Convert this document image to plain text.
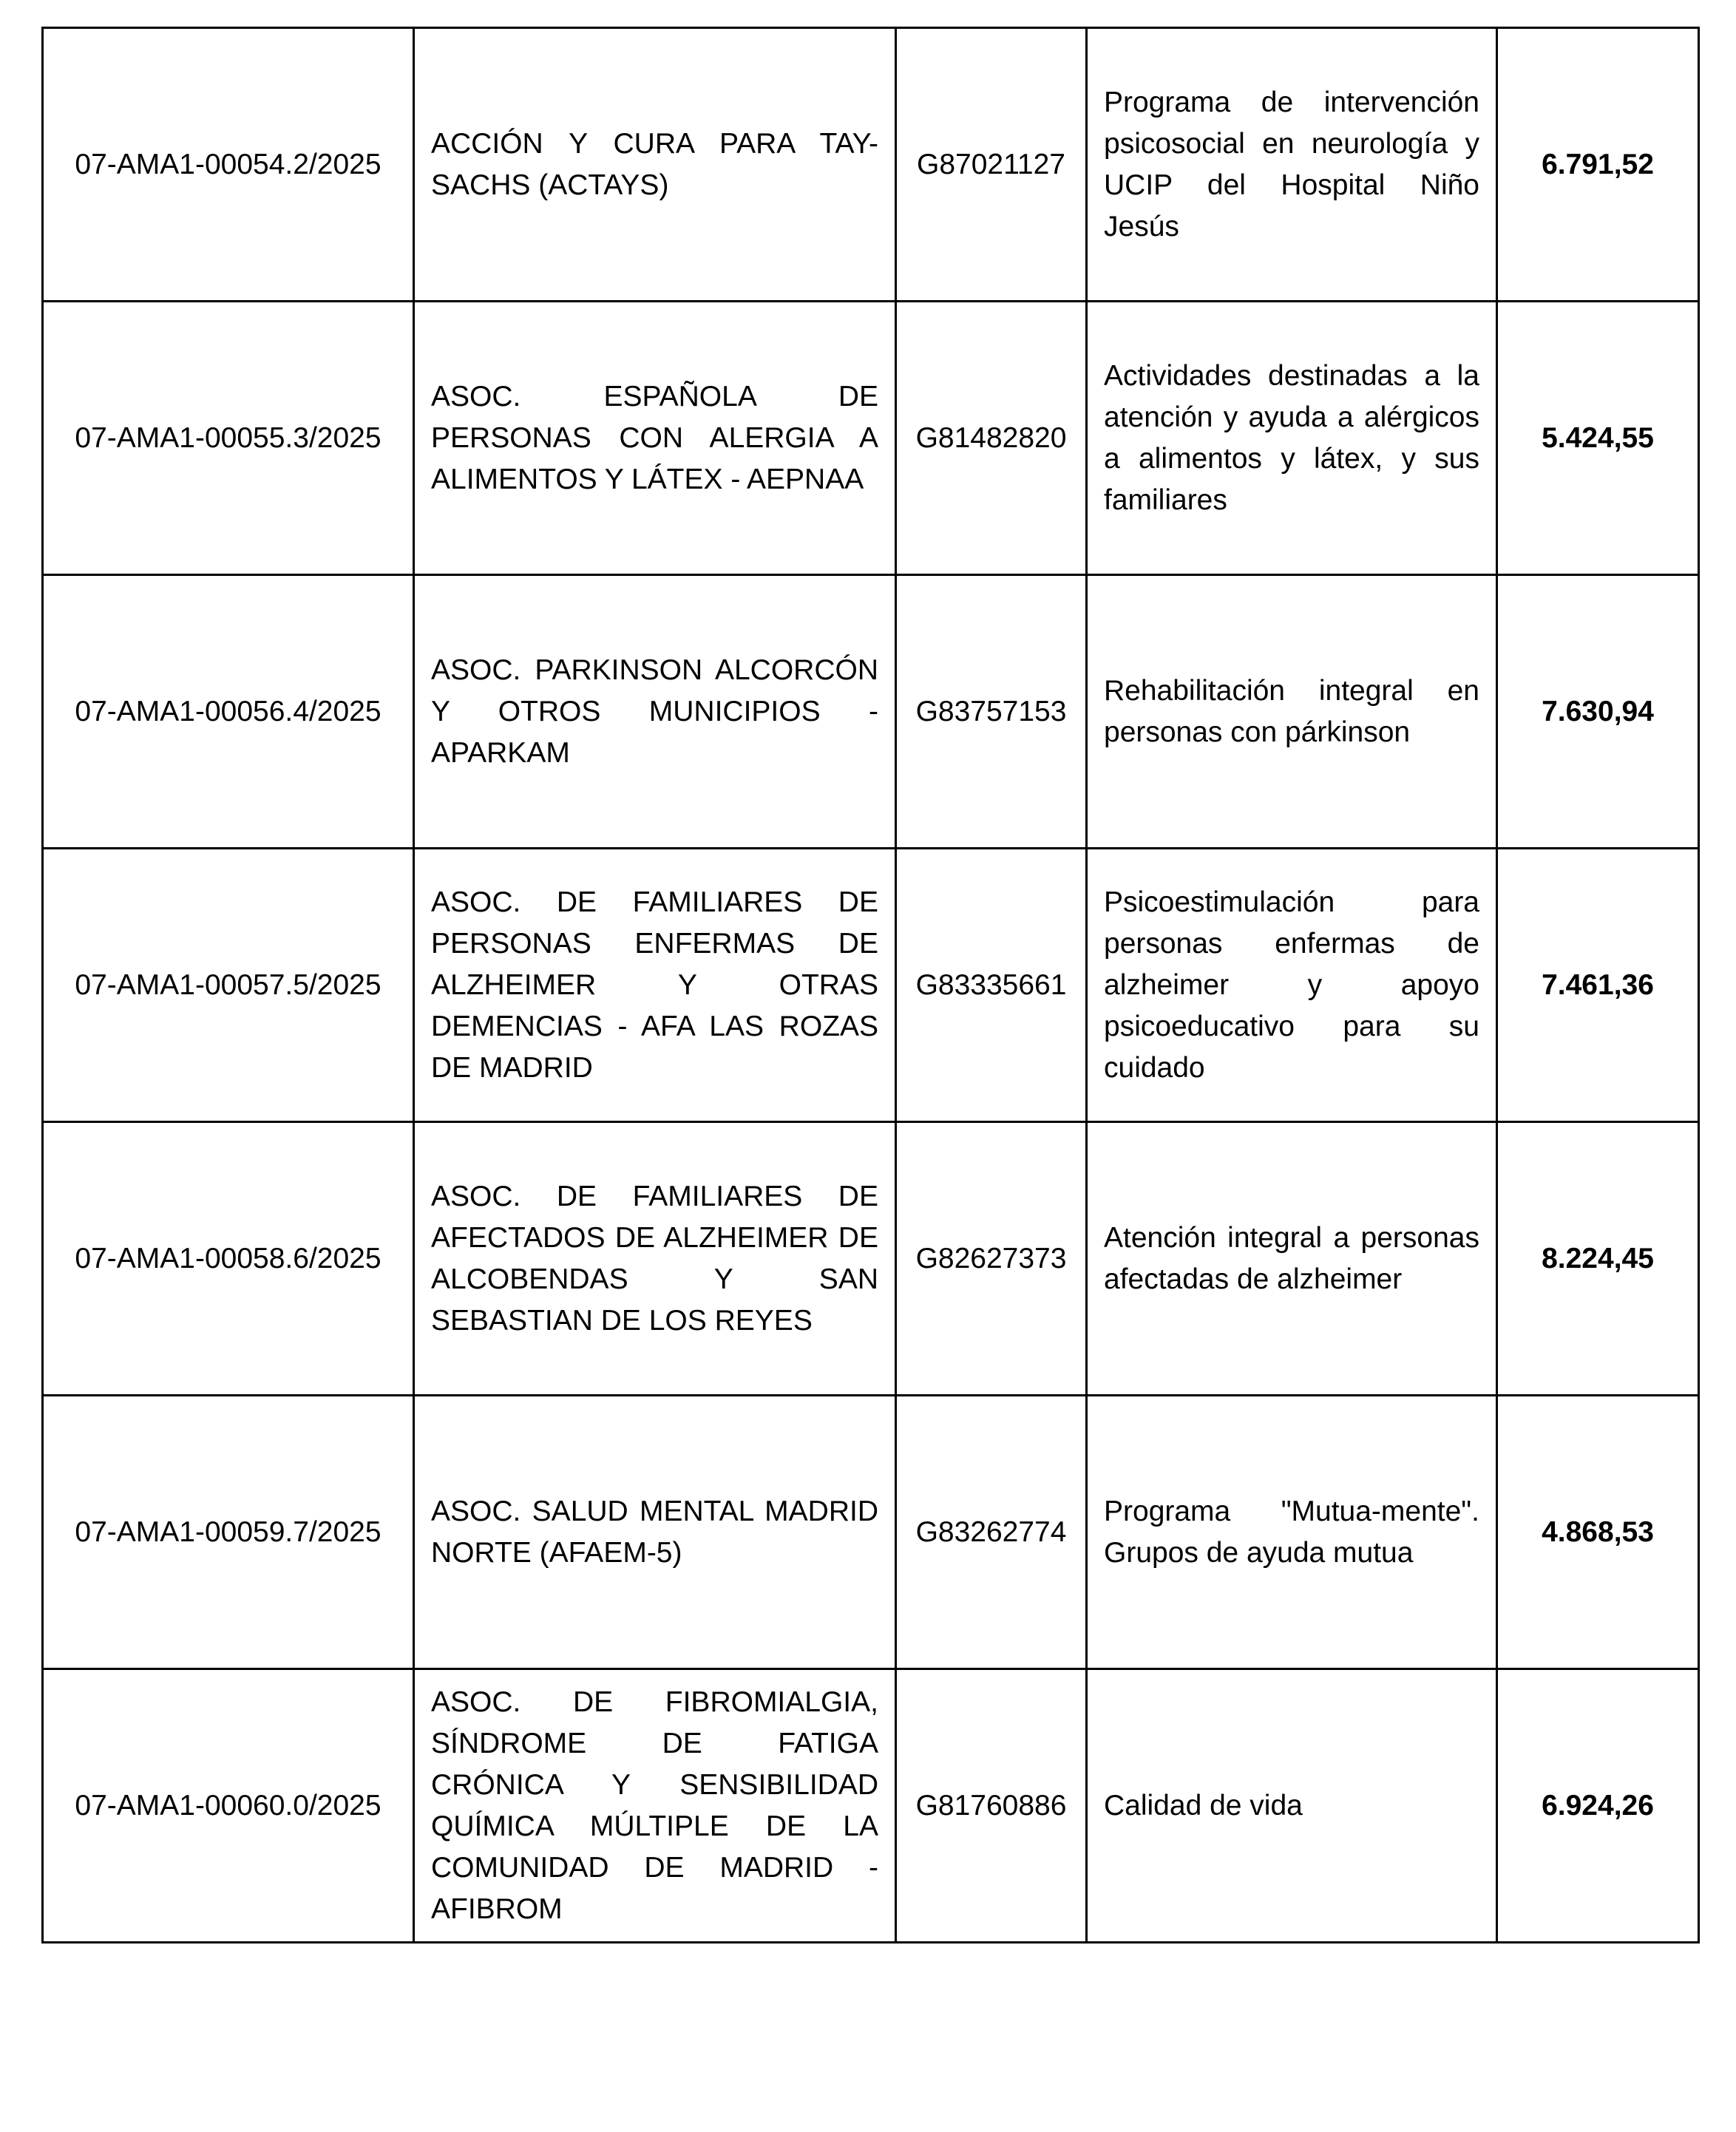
07-AMA1-00054.2/2025	ACCIÓN Y CURA PARA TAY-SACHS (ACTAYS)	G87021127	Programa de intervención psicosocial en neurología y UCIP del Hospital Niño Jesús	6.791,52
07-AMA1-00055.3/2025	ASOC. ESPAÑOLA DE PERSONAS CON ALERGIA A ALIMENTOS Y LÁTEX - AEPNAA	G81482820	Actividades destinadas a la atención y ayuda a alérgicos a alimentos y látex, y sus familiares	5.424,55
07-AMA1-00056.4/2025	ASOC. PARKINSON ALCORCÓN Y OTROS MUNICIPIOS - APARKAM	G83757153	Rehabilitación integral en personas con párkinson	7.630,94
07-AMA1-00057.5/2025	ASOC. DE FAMILIARES DE PERSONAS ENFERMAS DE ALZHEIMER Y OTRAS DEMENCIAS - AFA LAS ROZAS DE MADRID	G83335661	Psicoestimulación para personas enfermas de alzheimer y apoyo psicoeducativo para su cuidado	7.461,36
07-AMA1-00058.6/2025	ASOC. DE FAMILIARES DE AFECTADOS DE ALZHEIMER DE ALCOBENDAS Y SAN SEBASTIAN DE LOS REYES	G82627373	Atención integral a personas afectadas de alzheimer	8.224,45
07-AMA1-00059.7/2025	ASOC. SALUD MENTAL MADRID NORTE (AFAEM-5)	G83262774	Programa "Mutua-mente". Grupos de ayuda mutua	4.868,53
07-AMA1-00060.0/2025	ASOC. DE FIBROMIALGIA, SÍNDROME DE FATIGA CRÓNICA Y SENSIBILIDAD QUÍMICA MÚLTIPLE DE LA COMUNIDAD DE MADRID - AFIBROM	G81760886	Calidad de vida	6.924,26
